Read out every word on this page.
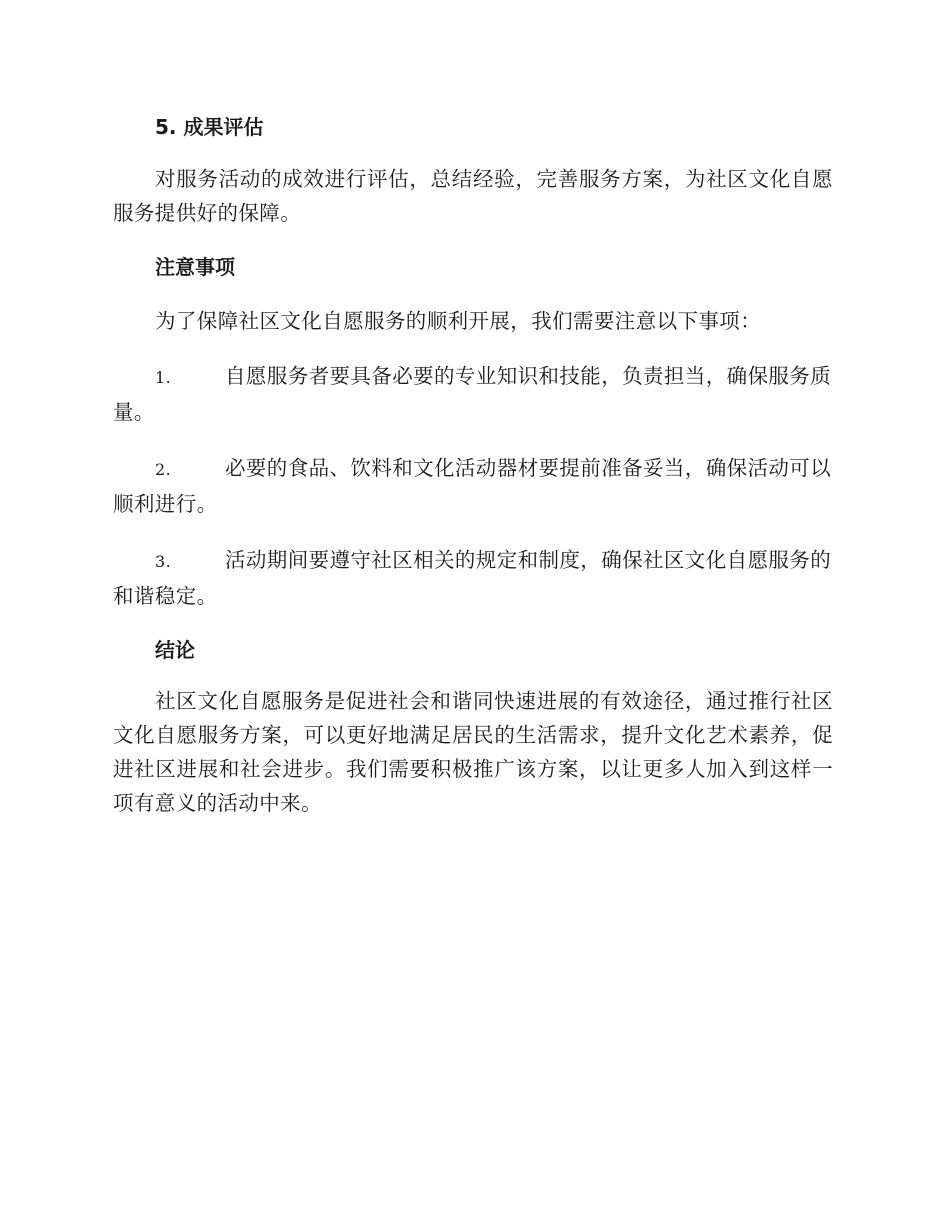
5. 成果评估

对服务活动的成效进行评估，总结经验，完善服务方案，为社区文化自愿服务提供好的保障。

注意事项

为了保障社区文化自愿服务的顺利开展，我们需要注意以下事项：

1.	自愿服务者要具备必要的专业知识和技能，负责担当，确保服务质量。

2.	必要的食品、饮料和文化活动器材要提前准备妥当，确保活动可以顺利进行。

3.	活动期间要遵守社区相关的规定和制度，确保社区文化自愿服务的和谐稳定。

结论

社区文化自愿服务是促进社会和谐同快速进展的有效途径，通过推行社区文化自愿服务方案，可以更好地满足居民的生活需求，提升文化艺术素养，促进社区进展和社会进步。我们需要积极推广该方案，以让更多人加入到这样一项有意义的活动中来。
